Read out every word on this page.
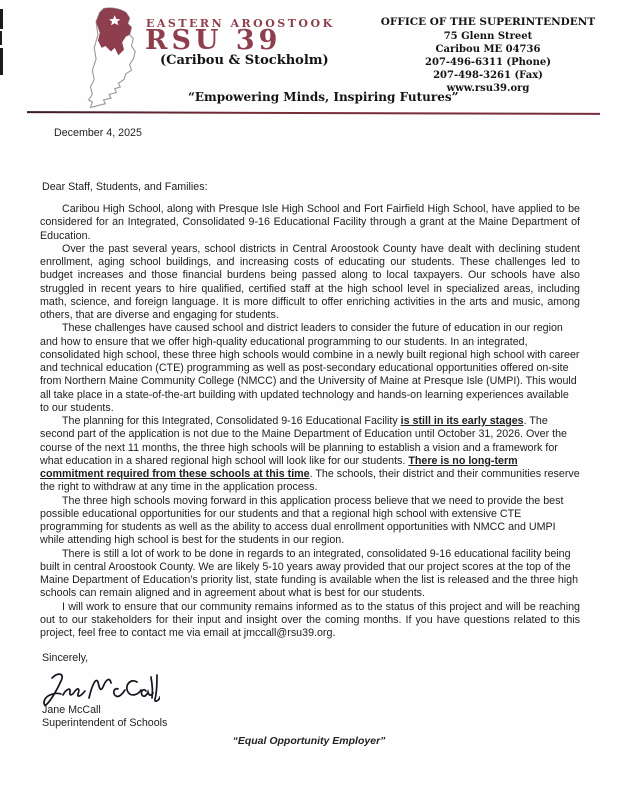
EASTERN AROOSTOOK
RSU 39
(Caribou & Stockholm)
“Empowering Minds, Inspiring Futures”
OFFICE OF THE SUPERINTENDENT
75 Glenn Street
Caribou ME 04736
207-496-6311 (Phone)
207-498-3261 (Fax)
www.rsu39.org
December 4, 2025
Dear Staff, Students, and Families:

Caribou High School, along with Presque Isle High School and Fort Fairfield High School, have applied to be considered for an Integrated, Consolidated 9-16 Educational Facility through a grant at the Maine Department of Education.

Over the past several years, school districts in Central Aroostook County have dealt with declining student enrollment, aging school buildings, and increasing costs of educating our students. These challenges led to budget increases and those financial burdens being passed along to local taxpayers. Our schools have also struggled in recent years to hire qualified, certified staff at the high school level in specialized areas, including math, science, and foreign language. It is more difficult to offer enriching activities in the arts and music, among others, that are diverse and engaging for students.

These challenges have caused school and district leaders to consider the future of education in our region and how to ensure that we offer high-quality educational programming to our students. In an integrated, consolidated high school, these three high schools would combine in a newly built regional high school with career and technical education (CTE) programming as well as post-secondary educational opportunities offered on-site from Northern Maine Community College (NMCC) and the University of Maine at Presque Isle (UMPI). This would all take place in a state-of-the-art building with updated technology and hands-on learning experiences available to our students.

The planning for this Integrated, Consolidated 9-16 Educational Facility is still in its early stages. The second part of the application is not due to the Maine Department of Education until October 31, 2026. Over the course of the next 11 months, the three high schools will be planning to establish a vision and a framework for what education in a shared regional high school will look like for our students. There is no long-term commitment required from these schools at this time. The schools, their district and their communities reserve the right to withdraw at any time in the application process.

The three high schools moving forward in this application process believe that we need to provide the best possible educational opportunities for our students and that a regional high school with extensive CTE programming for students as well as the ability to access dual enrollment opportunities with NMCC and UMPI while attending high school is best for the students in our region.

There is still a lot of work to be done in regards to an integrated, consolidated 9-16 educational facility being built in central Aroostook County. We are likely 5-10 years away provided that our project scores at the top of the Maine Department of Education’s priority list, state funding is available when the list is released and the three high schools can remain aligned and in agreement about what is best for our students.

I will work to ensure that our community remains informed as to the status of this project and will be reaching out to our stakeholders for their input and insight over the coming months. If you have questions related to this project, feel free to contact me via email at jmccall@rsu39.org.

Sincerely,
Jane McCall
Superintendent of Schools
“Equal Opportunity Employer”
